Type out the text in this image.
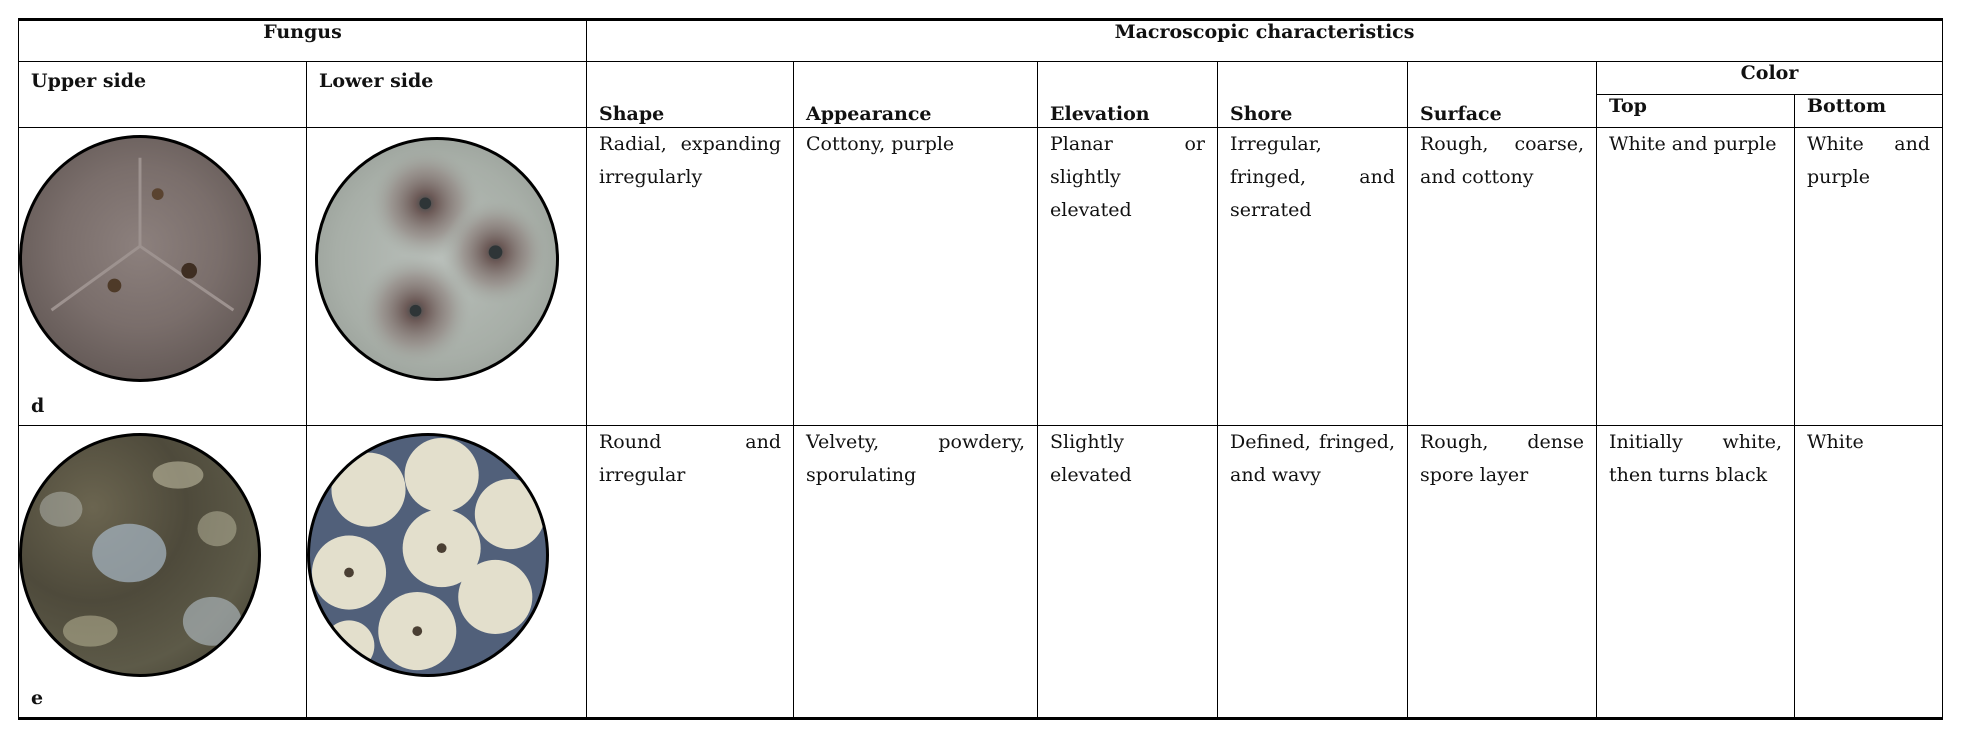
Fungus		Macroscopic characteristics						
Upper side	Lower side	Shape	Appearance	Elevation	Shore	Surface	Color	
							Top	Bottom

d		Radial, expanding irregularly	Cottony, purple	Planar or slightly elevated	Irregular, fringed, and serrated	Rough, coarse, and cottony	White and purple	White and purple

e		Round and irregular	Velvety, powdery, sporulating	Slightly elevated	Defined, fringed, and wavy	Rough, dense spore layer	Initially white, then turns black	White
